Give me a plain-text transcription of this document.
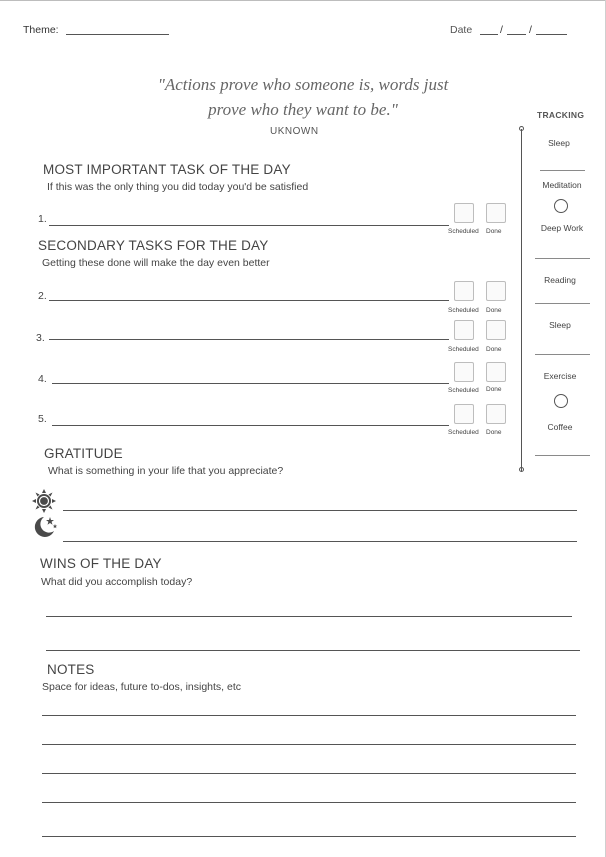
Theme:	Date	/ /
"Actions prove who someone is, words just
prove who they want to be."
UKNOWN
MOST IMPORTANT TASK OF THE DAY
If this was the only thing you did today you'd be satisfied
1.
Scheduled Done
SECONDARY TASKS FOR THE DAY
Getting these done will make the day even better
2.
Scheduled Done
3.
Scheduled Done
4.
Scheduled Done
5.
Scheduled Done
GRATITUDE
What is something in your life that you appreciate?
WINS OF THE DAY
What did you accomplish today?
NOTES
Space for ideas, future to-dos, insights, etc
TRACKING
Sleep
Meditation
Deep Work
Reading
Sleep
Exercise
Coffee
